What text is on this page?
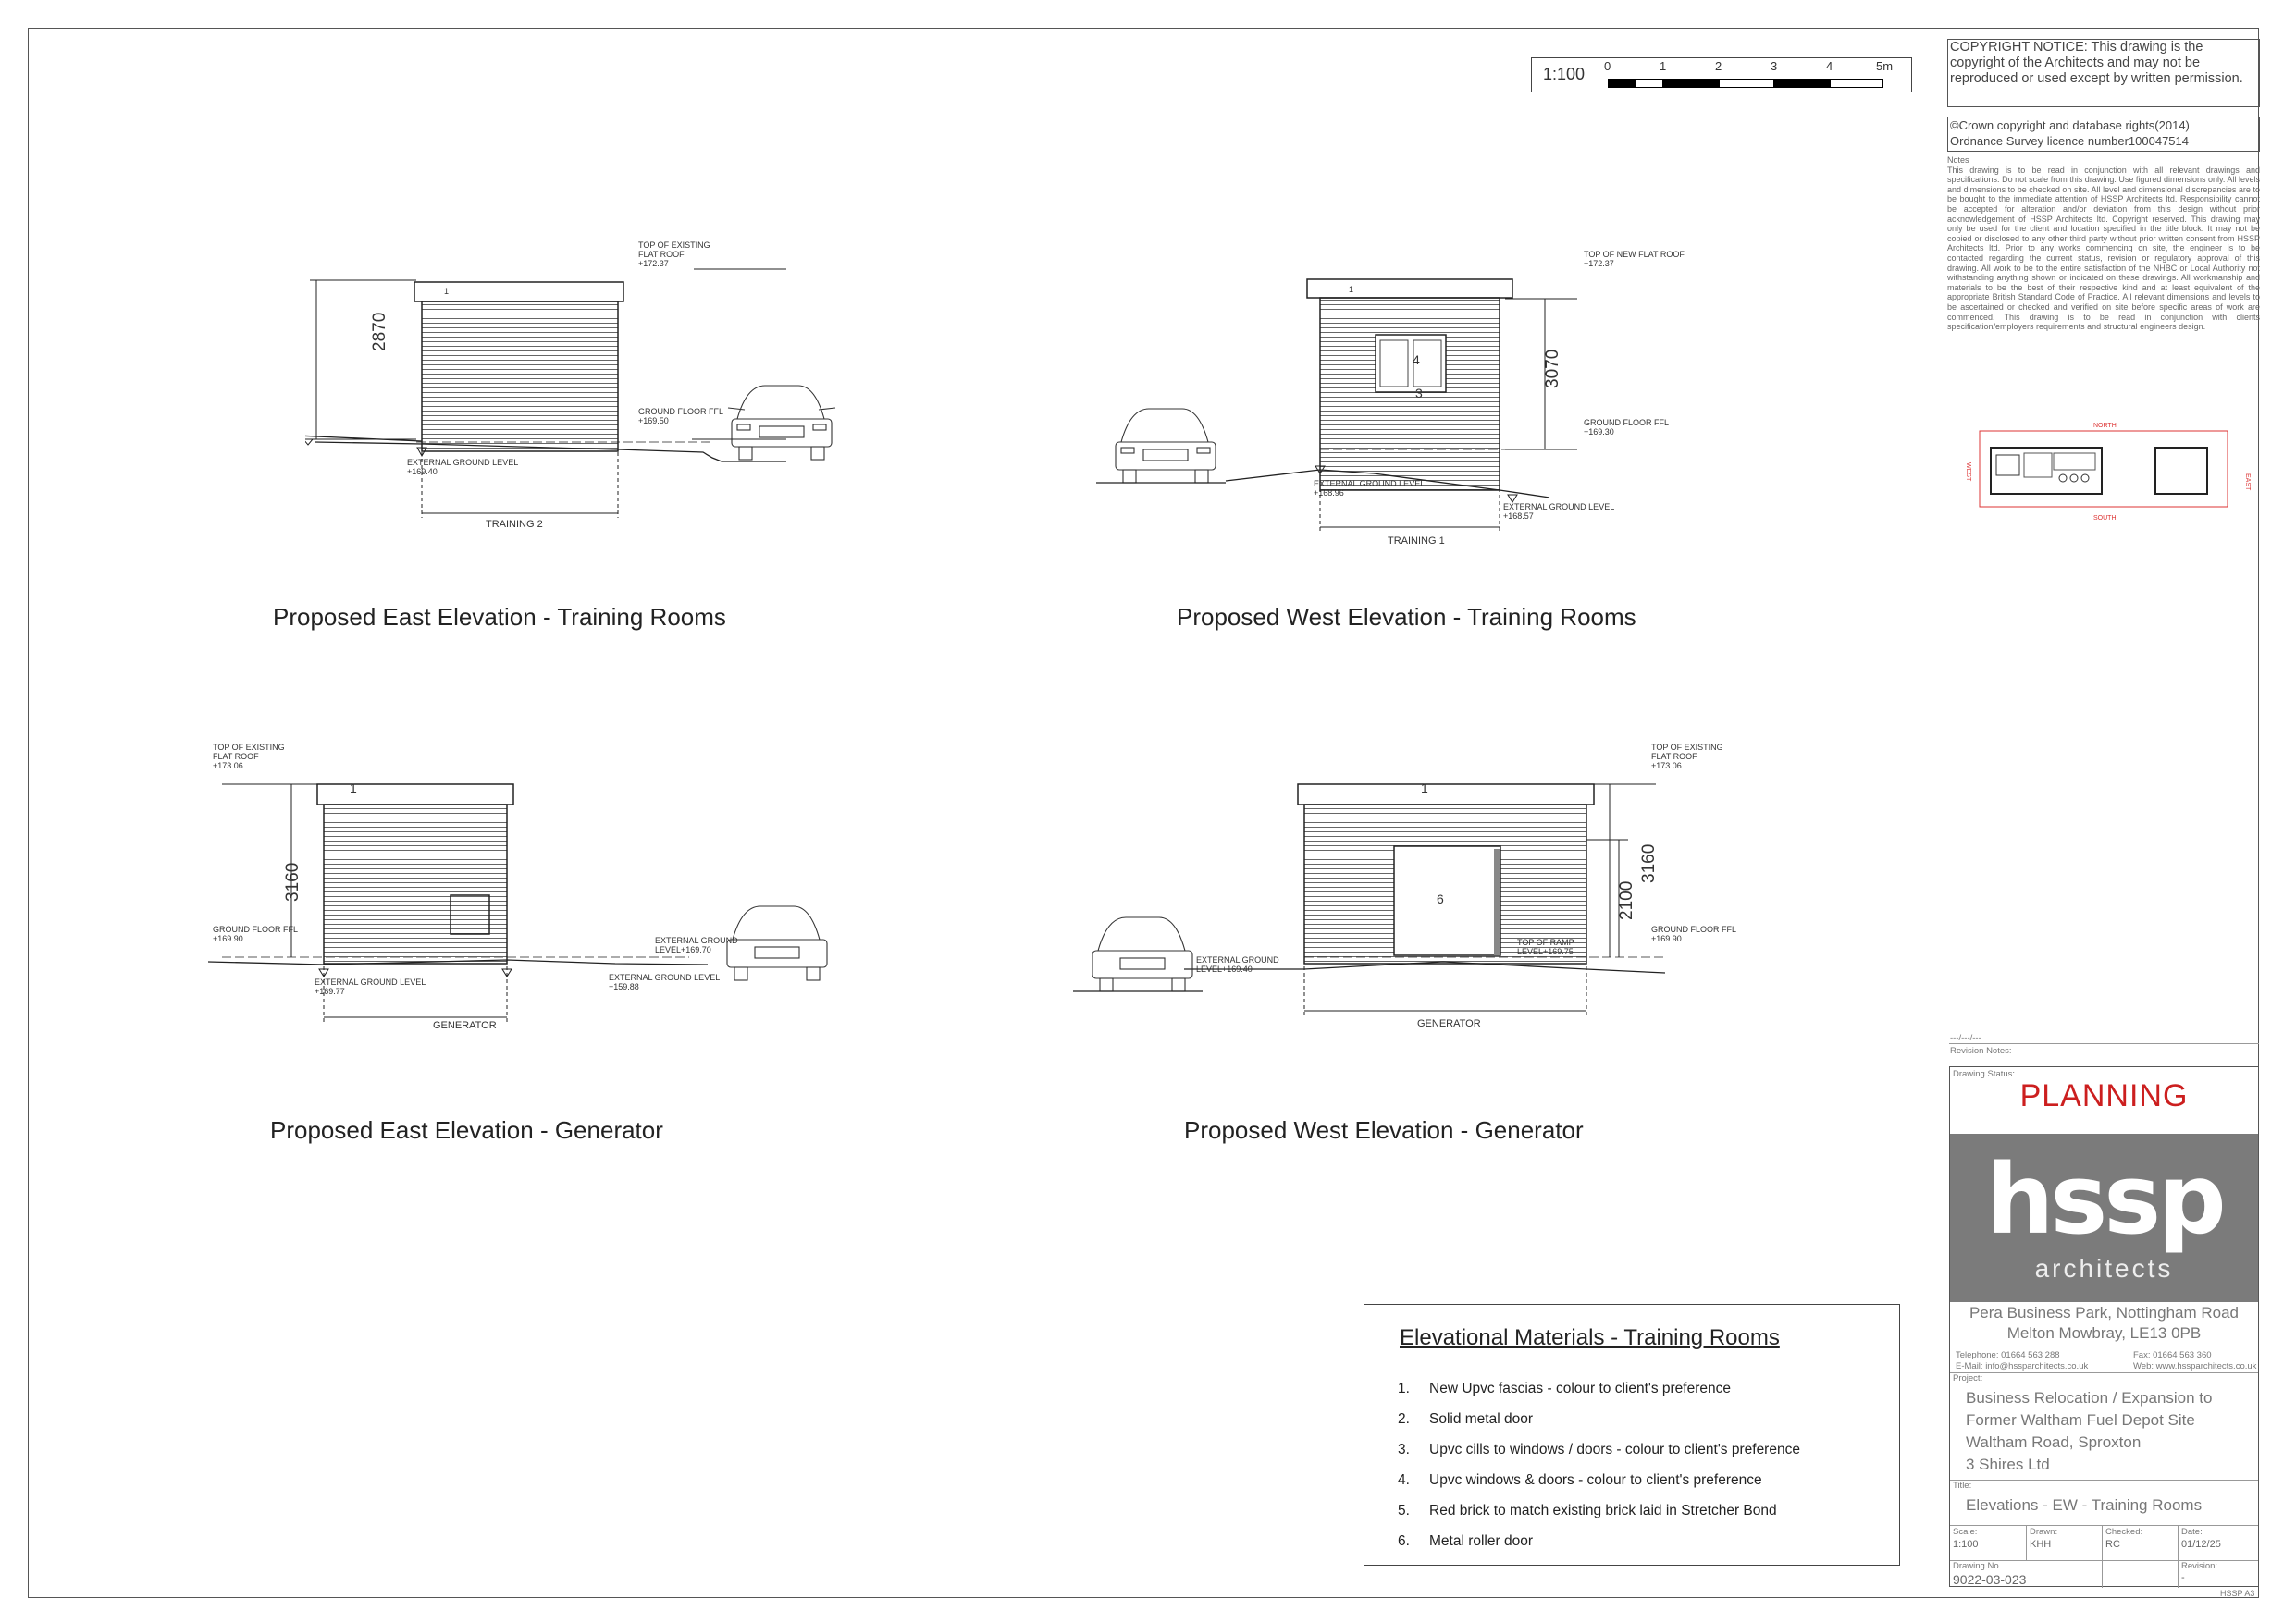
1:100 0	1	2	3	4	5m
COPYRIGHT NOTICE: This drawing is the copyright of the Architects and may not be reproduced or used except by written permission.
©Crown copyright and database rights(2014)
Ordnance Survey licence number100047514
Notes
This drawing is to be read in conjunction with all relevant drawings and specifications. Do not scale from this drawing. Use figured dimensions only. All levels and dimensions to be checked on site. All level and dimensional discrepancies are to be bought to the immediate attention of HSSP Architects ltd. Responsibility cannot be accepted for alteration and/or deviation from this design without prior acknowledgement of HSSP Architects ltd. Copyright reserved. This drawing may only be used for the client and location specified in the title block. It may not be copied or disclosed to any other third party without prior written consent from HSSP Architects ltd. Prior to any works commencing on site, the engineer is to be contacted regarding the current status, revision or regulatory approval of this drawing. All work to be to the entire satisfaction of the NHBC or Local Authority not withstanding anything shown or indicated on these drawings. All workmanship and materials to be the best of their respective kind and at least equivalent of the appropriate British Standard Code of Practice. All relevant dimensions and levels to be ascertained or checked and verified on site before specific areas of work are commenced. This drawing is to be read in conjunction with clients specification/employers requirements and structural engineers design.
NORTH
SOUTH
EAST
WEST
2870
1
TOP OF EXISTING
FLAT ROOF
+172.37
GROUND FLOOR FFL
+169.50
EXTERNAL GROUND LEVEL
+169.40
TRAINING 2
Proposed East Elevation - Training Rooms
3070
1
4
3
TOP OF NEW FLAT ROOF
+172.37
GROUND FLOOR FFL
+169.30
EXTERNAL GROUND LEVEL
+168.96
EXTERNAL GROUND LEVEL
+168.57
TRAINING 1
Proposed West Elevation - Training Rooms
3160
1
TOP OF EXISTING
FLAT ROOF
+173.06
GROUND FLOOR FFL
+169.90
EXTERNAL GROUND LEVEL
+169.77
EXTERNAL GROUND LEVEL
+159.88
EXTERNAL GROUND
LEVEL+169.70
GENERATOR
Proposed East Elevation - Generator
3160
2100
1
6
TOP OF EXISTING
FLAT ROOF
+173.06
GROUND FLOOR FFL
+169.90
TOP OF RAMP
LEVEL+169.75
EXTERNAL GROUND
LEVEL+169.40
GENERATOR
Proposed West Elevation - Generator
Elevational Materials - Training Rooms
1. New Upvc fascias - colour to client's preference
2. Solid metal door
3. Upvc cills to windows / doors - colour to client's preference
4. Upvc windows & doors - colour to client's preference
5. Red brick to match existing brick laid in Stretcher Bond
6. Metal roller door
---/---/---
Revision Notes:
Drawing Status:
PLANNING
hssp
architects
Pera Business Park, Nottingham Road
Melton Mowbray, LE13 0PB
Telephone: 01664 563 288	Fax: 01664 563 360
E-Mail: info@hssparchitects.co.uk	Web: www.hssparchitects.co.uk
Project:
Business Relocation / Expansion to
Former Waltham Fuel Depot Site
Waltham Road, Sproxton
3 Shires Ltd
Title:
Elevations - EW - Training Rooms
Scale:
1:100
Drawn:
KHH
Checked:
RC
Date:
01/12/25
Drawing No.
9022-03-023
Revision:
-
HSSP A3
